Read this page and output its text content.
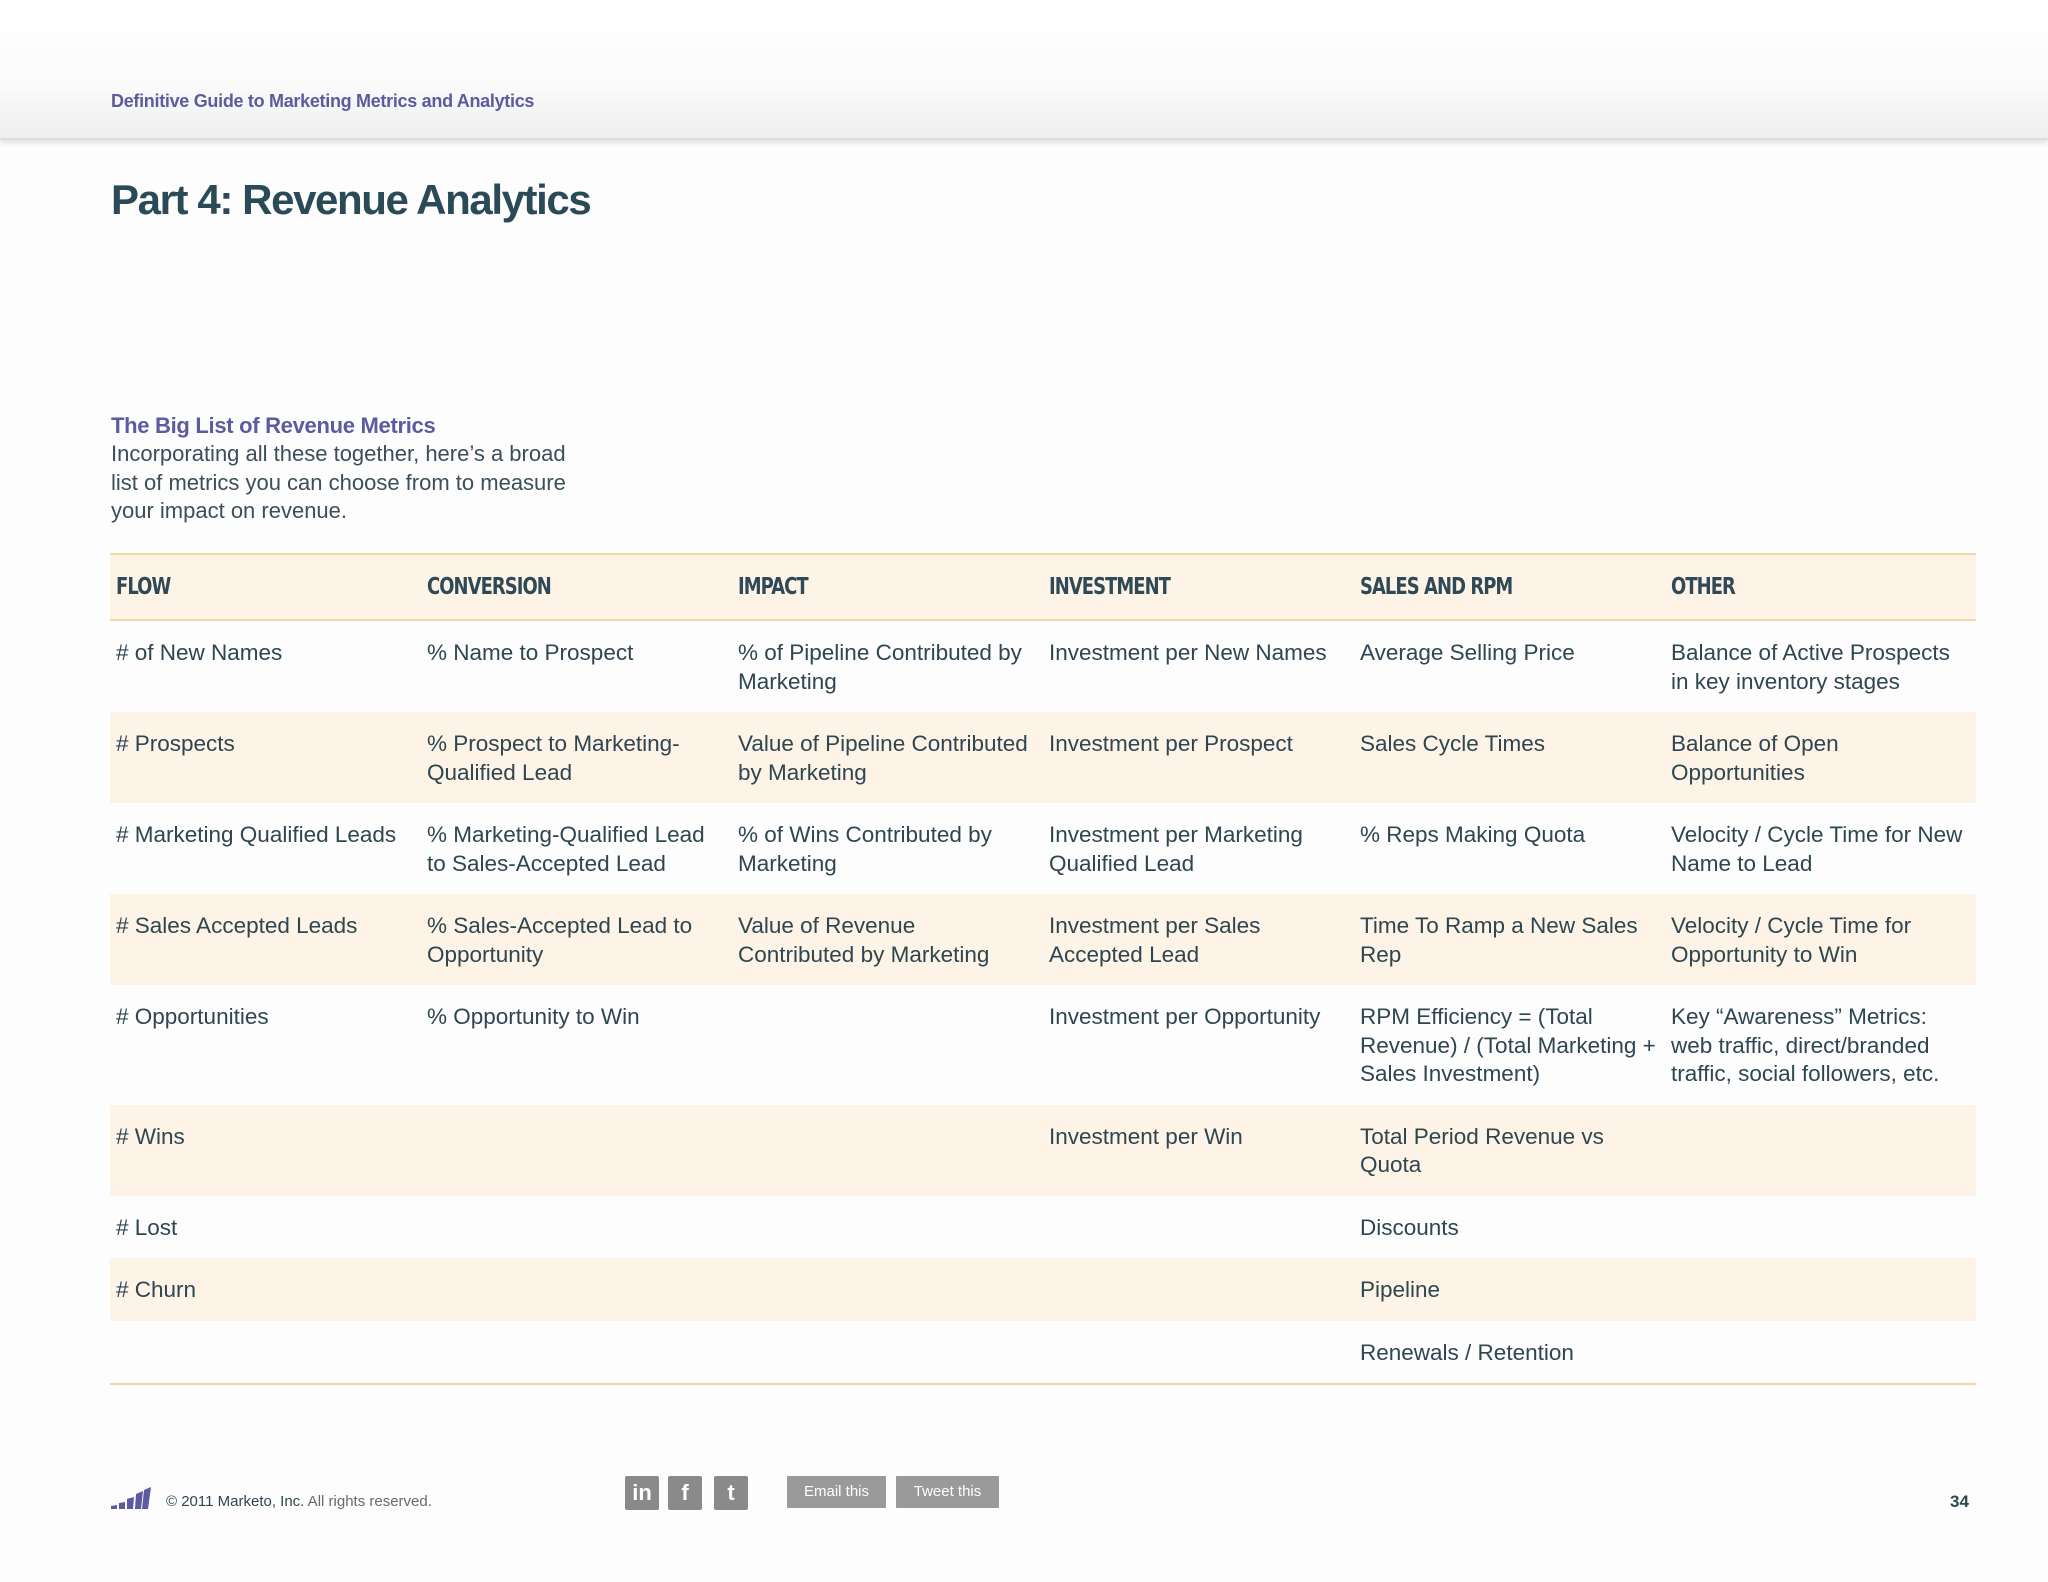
Definitive Guide to Marketing Metrics and Analytics
Part 4: Revenue Analytics
The Big List of Revenue Metrics
Incorporating all these together, here’s a broad list of metrics you can choose from to measure your impact on revenue.
FLOW	CONVERSION	IMPACT	INVESTMENT	SALES AND RPM	OTHER
# of New Names	% Name to Prospect	% of Pipeline Contributed by Marketing	Investment per New Names	Average Selling Price	Balance of Active Prospects in key inventory stages
# Prospects	% Prospect to Marketing-Qualified Lead	Value of Pipeline Contributed by Marketing	Investment per Prospect	Sales Cycle Times	Balance of Open Opportunities
# Marketing Qualified Leads	% Marketing-Qualified Lead to Sales-Accepted Lead	% of Wins Contributed by Marketing	Investment per Marketing Qualified Lead	% Reps Making Quota	Velocity / Cycle Time for New Name to Lead
# Sales Accepted Leads	% Sales-Accepted Lead to Opportunity	Value of Revenue Contributed by Marketing	Investment per Sales Accepted Lead	Time To Ramp a New Sales Rep	Velocity / Cycle Time for Opportunity to Win
# Opportunities	% Opportunity to Win		Investment per Opportunity	RPM Efficiency = (Total Revenue) / (Total Marketing + Sales Investment)	Key “Awareness” Metrics: web traffic, direct/branded traffic, social followers, etc.
# Wins			Investment per Win	Total Period Revenue vs Quota	
# Lost				Discounts	
# Churn				Pipeline	
				Renewals / Retention	
© 2011 Marketo, Inc. All rights reserved.	in	f	t	Email this	Tweet this
34
